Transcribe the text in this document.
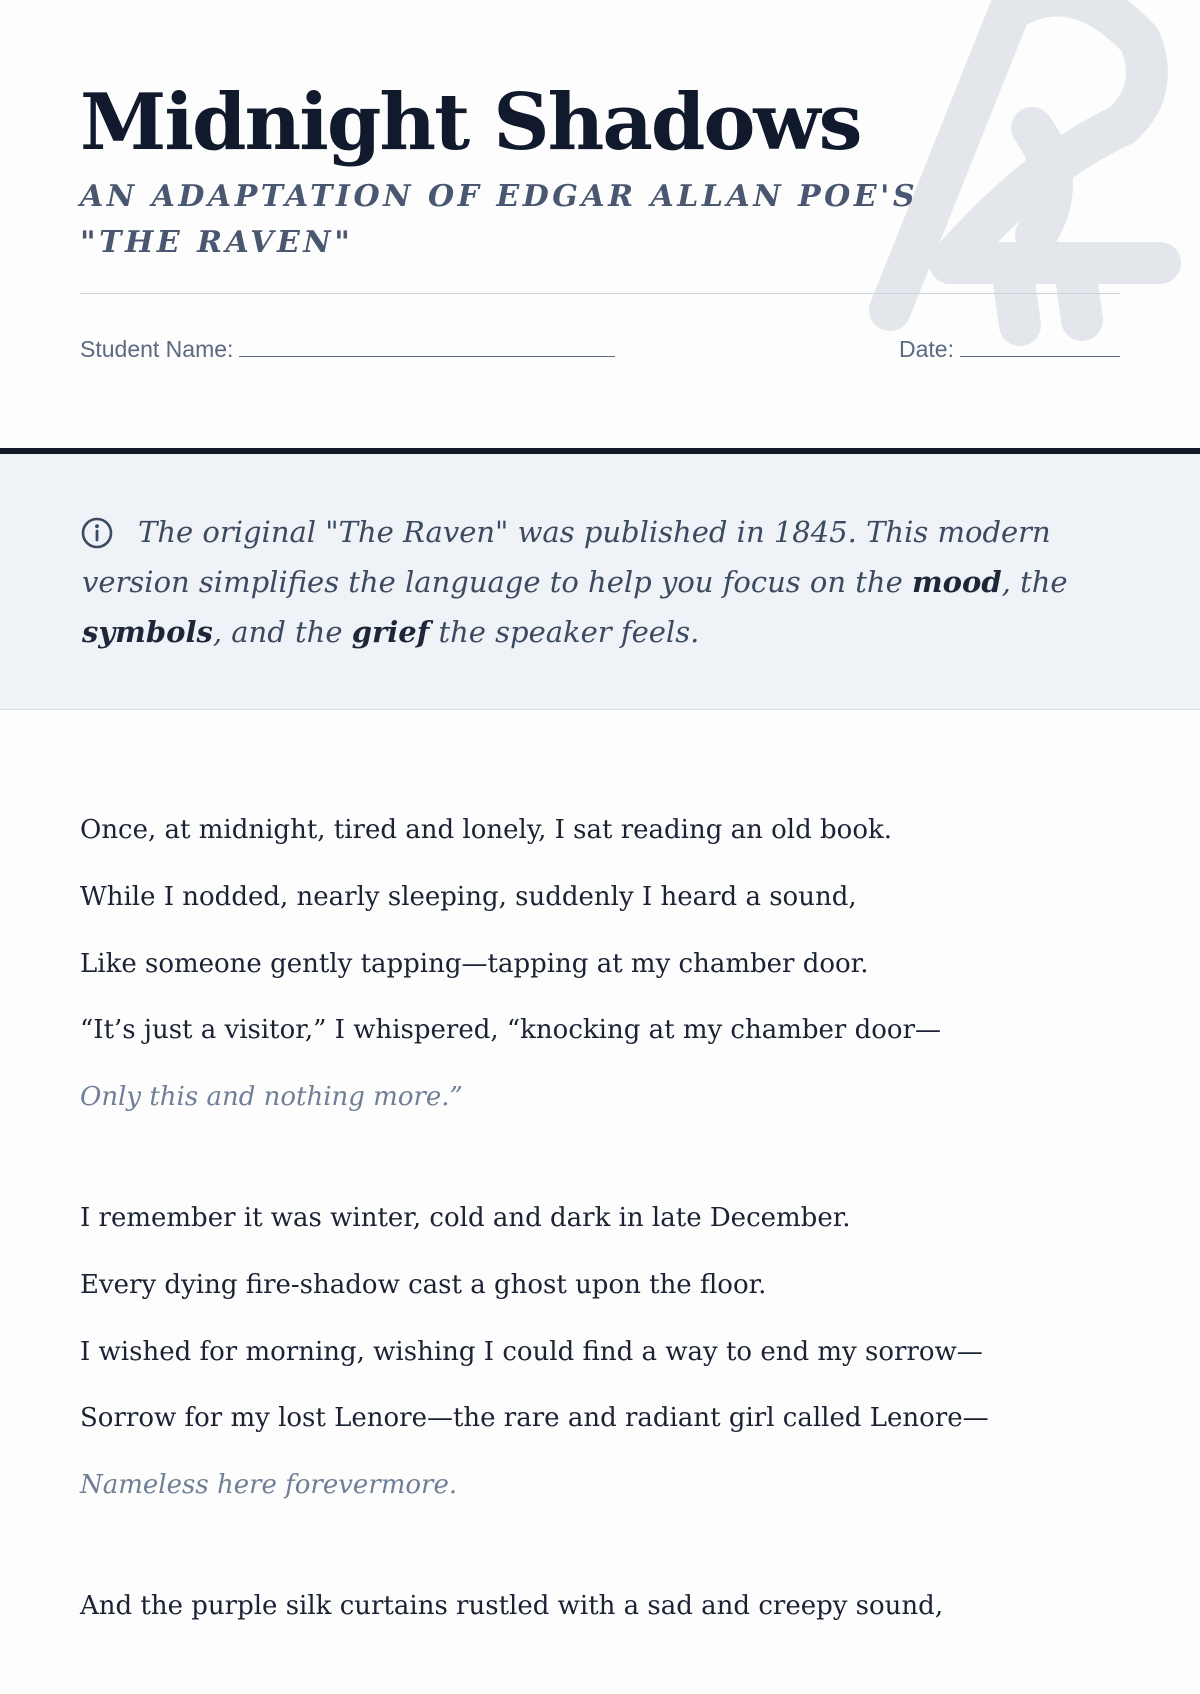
Midnight Shadows
AN ADAPTATION OF EDGAR ALLAN POE'S "THE RAVEN"
Student Name:	Date:

The original "The Raven" was published in 1845. This modern version simplifies the language to help you focus on the mood, the symbols, and the grief the speaker feels.

Once, at midnight, tired and lonely, I sat reading an old book.
While I nodded, nearly sleeping, suddenly I heard a sound,
Like someone gently tapping—tapping at my chamber door.
“It’s just a visitor,” I whispered, “knocking at my chamber door—
Only this and nothing more.”
I remember it was winter, cold and dark in late December.
Every dying fire-shadow cast a ghost upon the floor.
I wished for morning, wishing I could find a way to end my sorrow—
Sorrow for my lost Lenore—the rare and radiant girl called Lenore—
Nameless here forevermore.
And the purple silk curtains rustled with a sad and creepy sound,
